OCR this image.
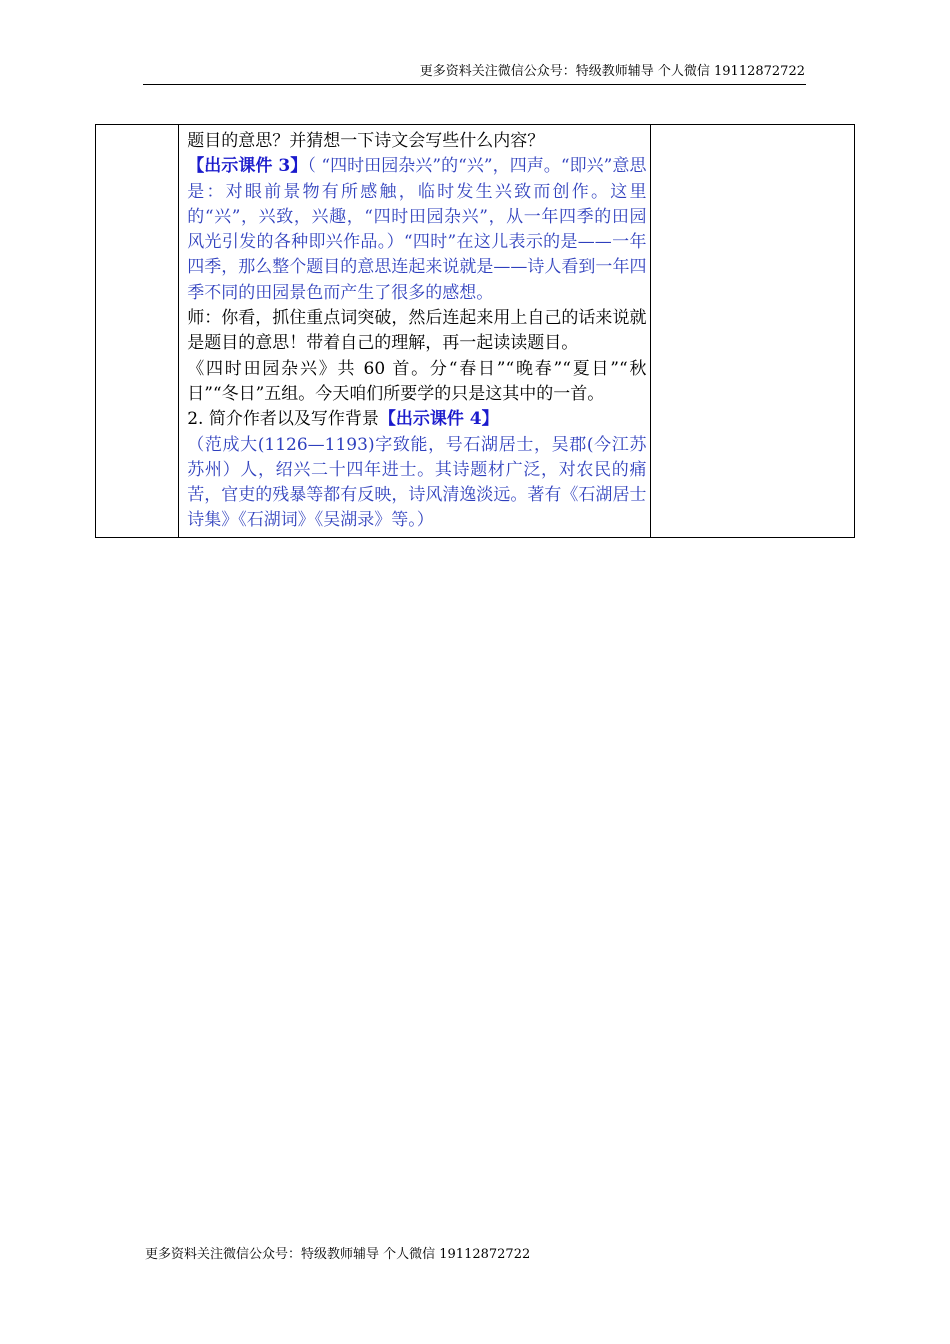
更多资料关注微信公众号：特级教师辅导 个人微信 19112872722

题目的意思？并猜想一下诗文会写些什么内容？

【出示课件 3】（ “四时田园杂兴”的“兴”，四声。“即兴”意思是：对眼前景物有所感触，临时发生兴致而创作。这里的“兴”，兴致，兴趣，“四时田园杂兴”，从一年四季的田园风光引发的各种即兴作品。）“四时”在这儿表示的是——一年四季，那么整个题目的意思连起来说就是——诗人看到一年四季不同的田园景色而产生了很多的感想。

师：你看，抓住重点词突破，然后连起来用上自己的话来说就是题目的意思！带着自己的理解，再一起读读题目。

《四时田园杂兴》共 60 首。分“春日”“晚春”“夏日”“秋日”“冬日”五组。今天咱们所要学的只是这其中的一首。

2. 简介作者以及写作背景【出示课件 4】

（范成大(1126—1193)字致能，号石湖居士，吴郡(今江苏苏州）人，绍兴二十四年进士。其诗题材广泛，对农民的痛苦，官吏的残暴等都有反映，诗风清逸淡远。著有《石湖居士诗集》《石湖词》《吴湖录》等。）

更多资料关注微信公众号：特级教师辅导 个人微信 19112872722
